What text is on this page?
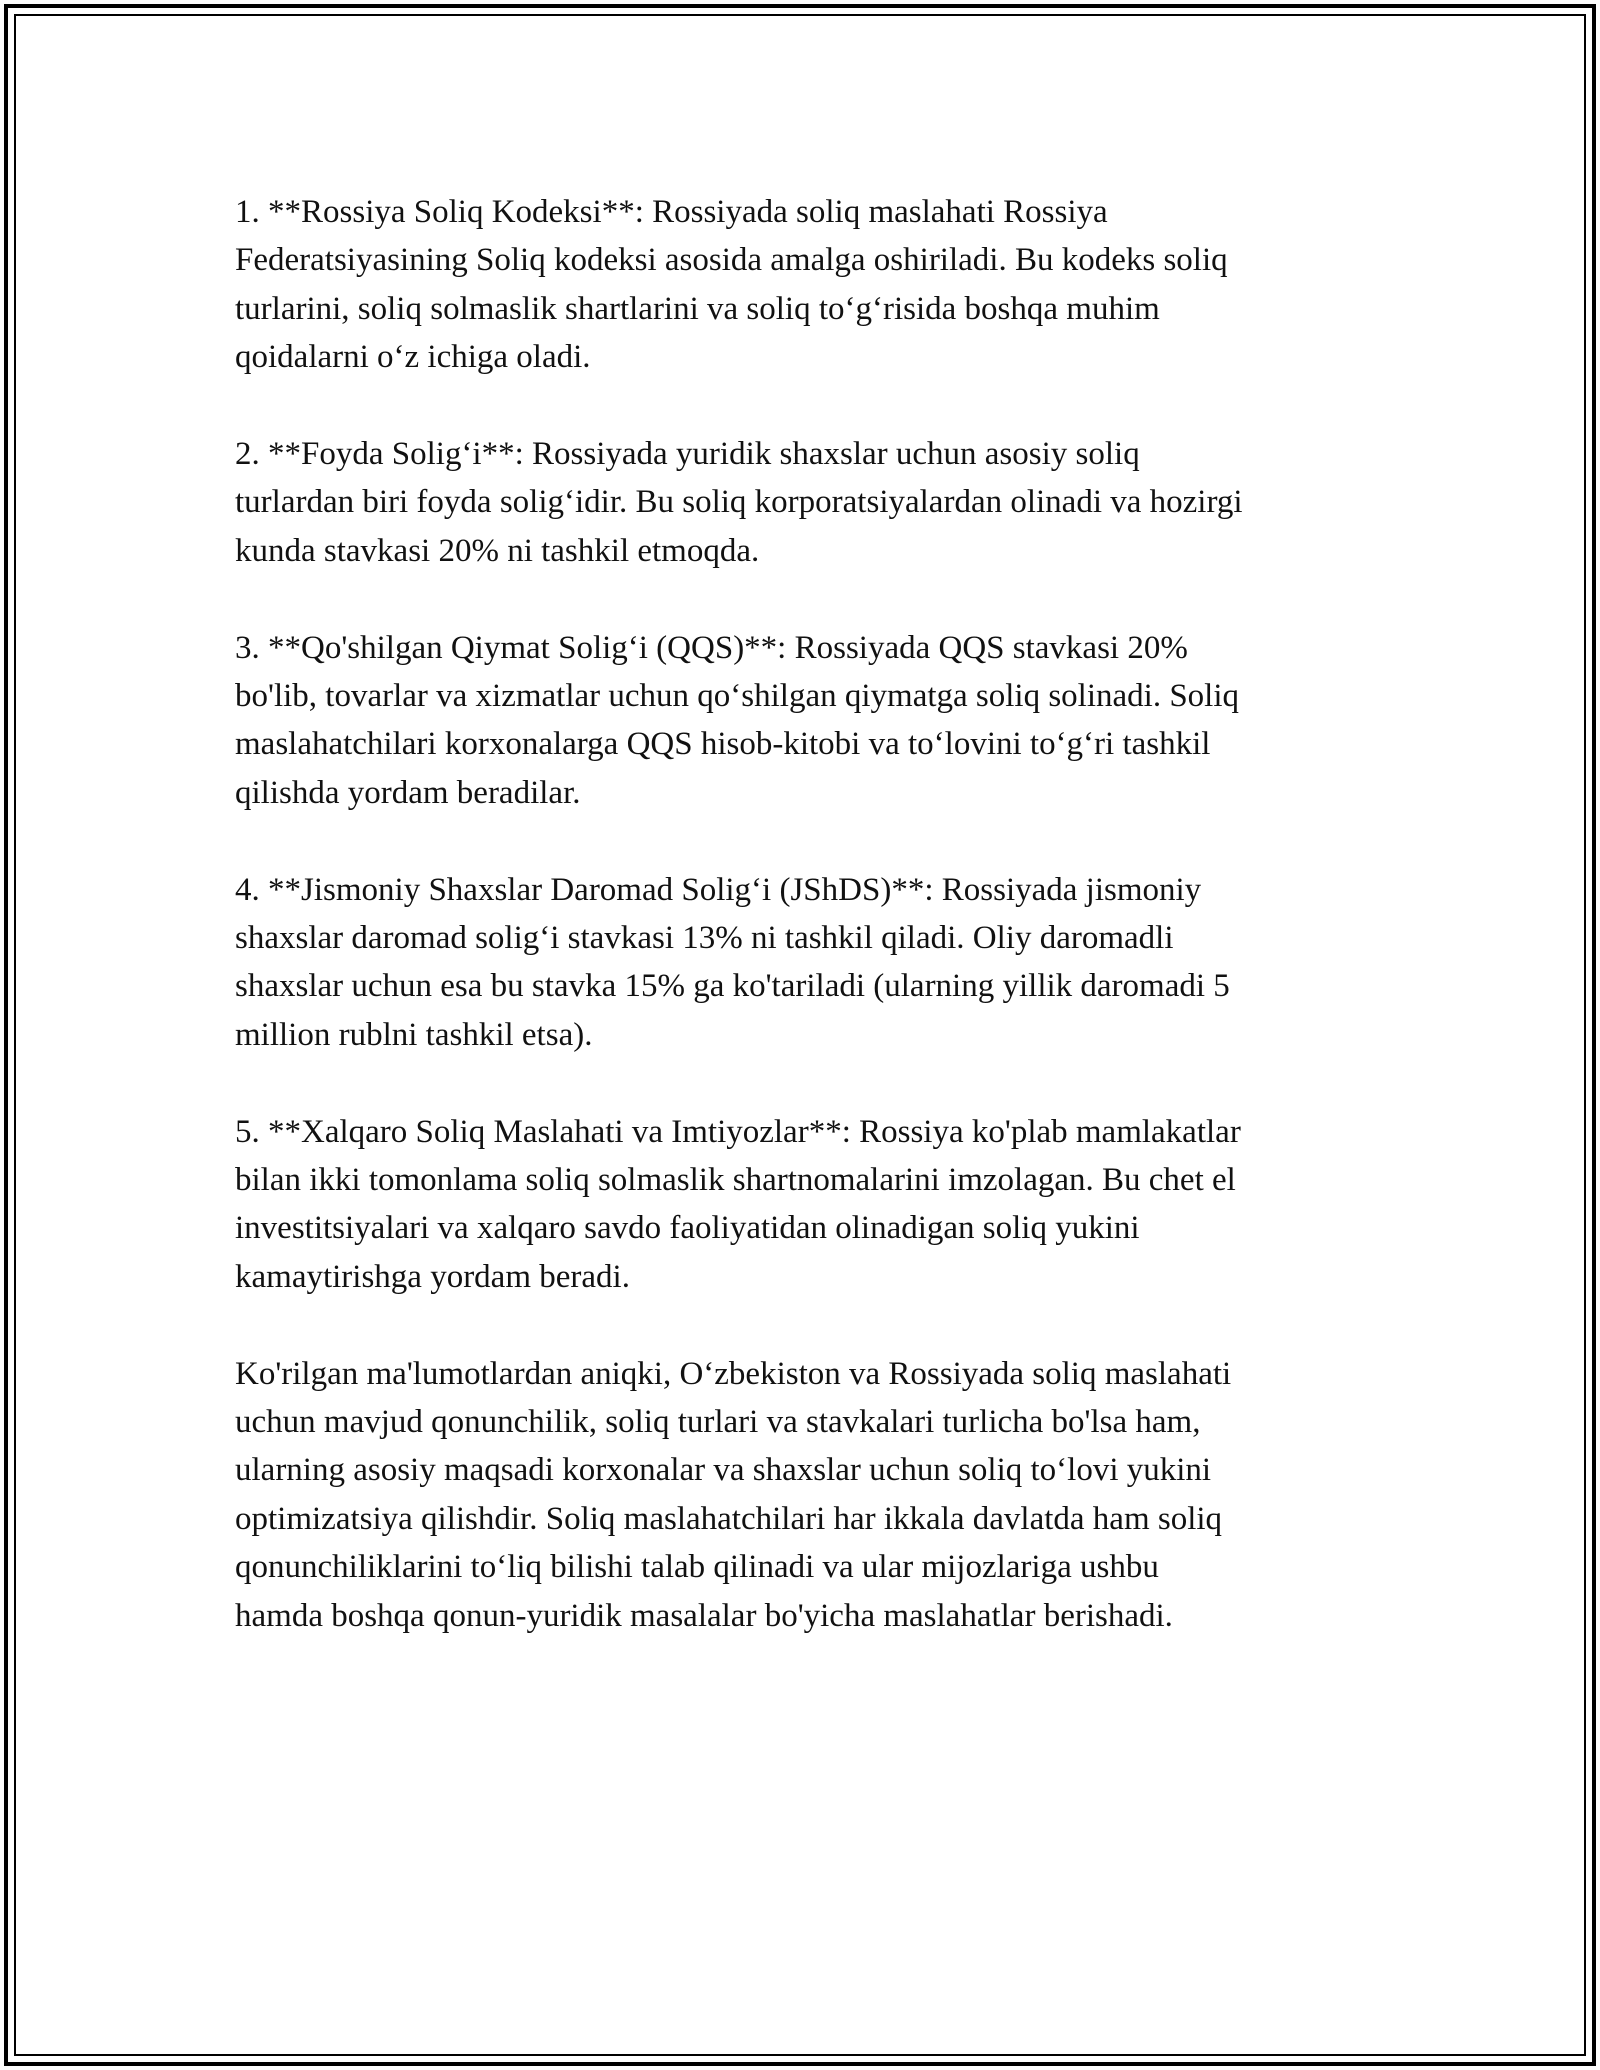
1. **Rossiya Soliq Kodeksi**: Rossiyada soliq maslahati Rossiya
Federatsiyasining Soliq kodeksi asosida amalga oshiriladi. Bu kodeks soliq
turlarini, soliq solmaslik shartlarini va soliq to‘g‘risida boshqa muhim
qoidalarni o‘z ichiga oladi.

2. **Foyda Solig‘i**: Rossiyada yuridik shaxslar uchun asosiy soliq
turlardan biri foyda solig‘idir. Bu soliq korporatsiyalardan olinadi va hozirgi
kunda stavkasi 20% ni tashkil etmoqda.

3. **Qo'shilgan Qiymat Solig‘i (QQS)**: Rossiyada QQS stavkasi 20%
bo'lib, tovarlar va xizmatlar uchun qo‘shilgan qiymatga soliq solinadi. Soliq
maslahatchilari korxonalarga QQS hisob-kitobi va to‘lovini to‘g‘ri tashkil
qilishda yordam beradilar.

4. **Jismoniy Shaxslar Daromad Solig‘i (JShDS)**: Rossiyada jismoniy
shaxslar daromad solig‘i stavkasi 13% ni tashkil qiladi. Oliy daromadli
shaxslar uchun esa bu stavka 15% ga ko'tariladi (ularning yillik daromadi 5
million rublni tashkil etsa).

5. **Xalqaro Soliq Maslahati va Imtiyozlar**: Rossiya ko'plab mamlakatlar
bilan ikki tomonlama soliq solmaslik shartnomalarini imzolagan. Bu chet el
investitsiyalari va xalqaro savdo faoliyatidan olinadigan soliq yukini
kamaytirishga yordam beradi.

Ko'rilgan ma'lumotlardan aniqki, O‘zbekiston va Rossiyada soliq maslahati
uchun mavjud qonunchilik, soliq turlari va stavkalari turlicha bo'lsa ham,
ularning asosiy maqsadi korxonalar va shaxslar uchun soliq to‘lovi yukini
optimizatsiya qilishdir. Soliq maslahatchilari har ikkala davlatda ham soliq
qonunchiliklarini to‘liq bilishi talab qilinadi va ular mijozlariga ushbu
hamda boshqa qonun-yuridik masalalar bo'yicha maslahatlar berishadi.
